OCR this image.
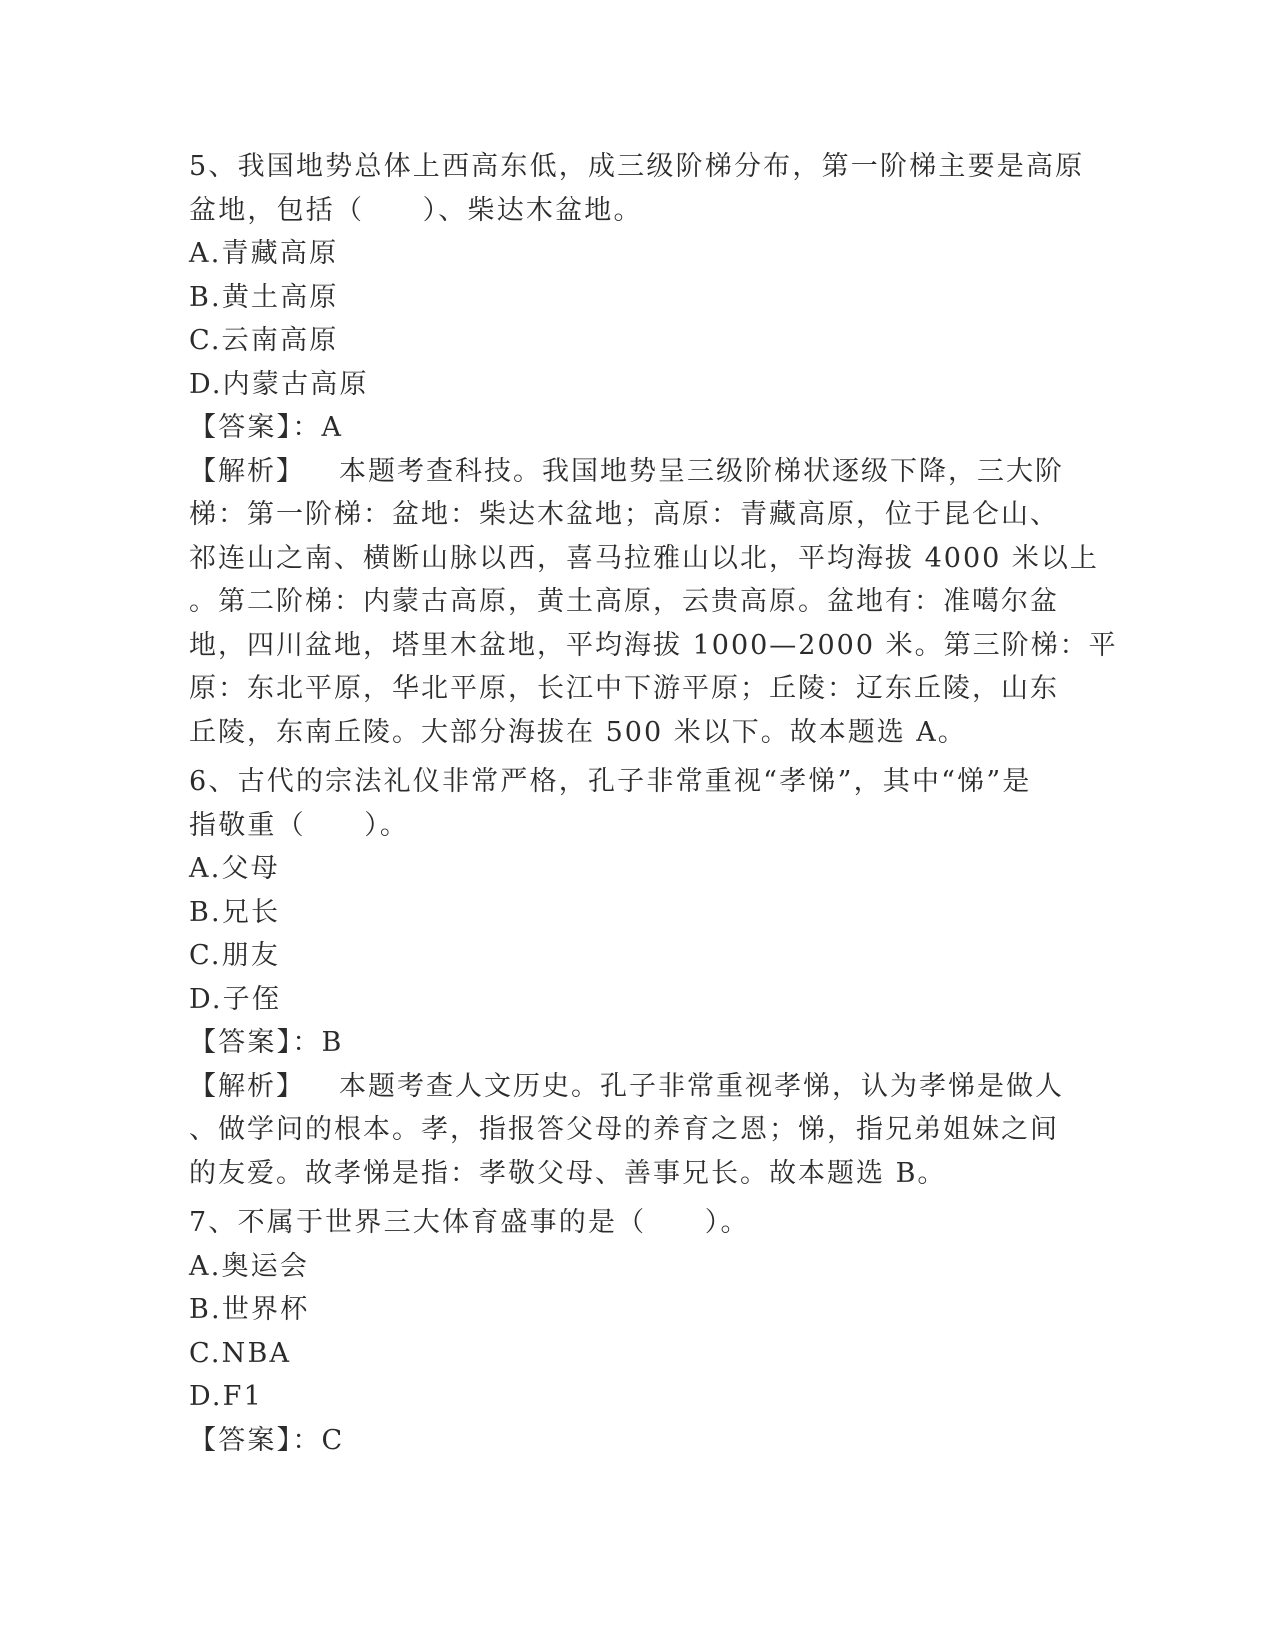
5、我国地势总体上西高东低，成三级阶梯分布，第一阶梯主要是高原
盆地，包括（　　）、柴达木盆地。
A.青藏高原
B.黄土高原
C.云南高原
D.内蒙古高原
【答案】：A
【解析】 本题考查科技。我国地势呈三级阶梯状逐级下降，三大阶
梯：第一阶梯：盆地：柴达木盆地；高原：青藏高原，位于昆仑山、
祁连山之南、横断山脉以西，喜马拉雅山以北，平均海拔 4000 米以上
。第二阶梯：内蒙古高原，黄土高原，云贵高原。盆地有：准噶尔盆
地，四川盆地，塔里木盆地，平均海拔 1000—2000 米。第三阶梯：平
原：东北平原，华北平原，长江中下游平原；丘陵：辽东丘陵，山东
丘陵，东南丘陵。大部分海拔在 500 米以下。故本题选 A。
6、古代的宗法礼仪非常严格，孔子非常重视“孝悌”，其中“悌”是
指敬重（　　）。
A.父母
B.兄长
C.朋友
D.子侄
【答案】：B
【解析】 本题考查人文历史。孔子非常重视孝悌，认为孝悌是做人
、做学问的根本。孝，指报答父母的养育之恩；悌，指兄弟姐妹之间
的友爱。故孝悌是指：孝敬父母、善事兄长。故本题选 B。
7、不属于世界三大体育盛事的是（　　）。
A.奥运会
B.世界杯
C.NBA
D.F1
【答案】：C
